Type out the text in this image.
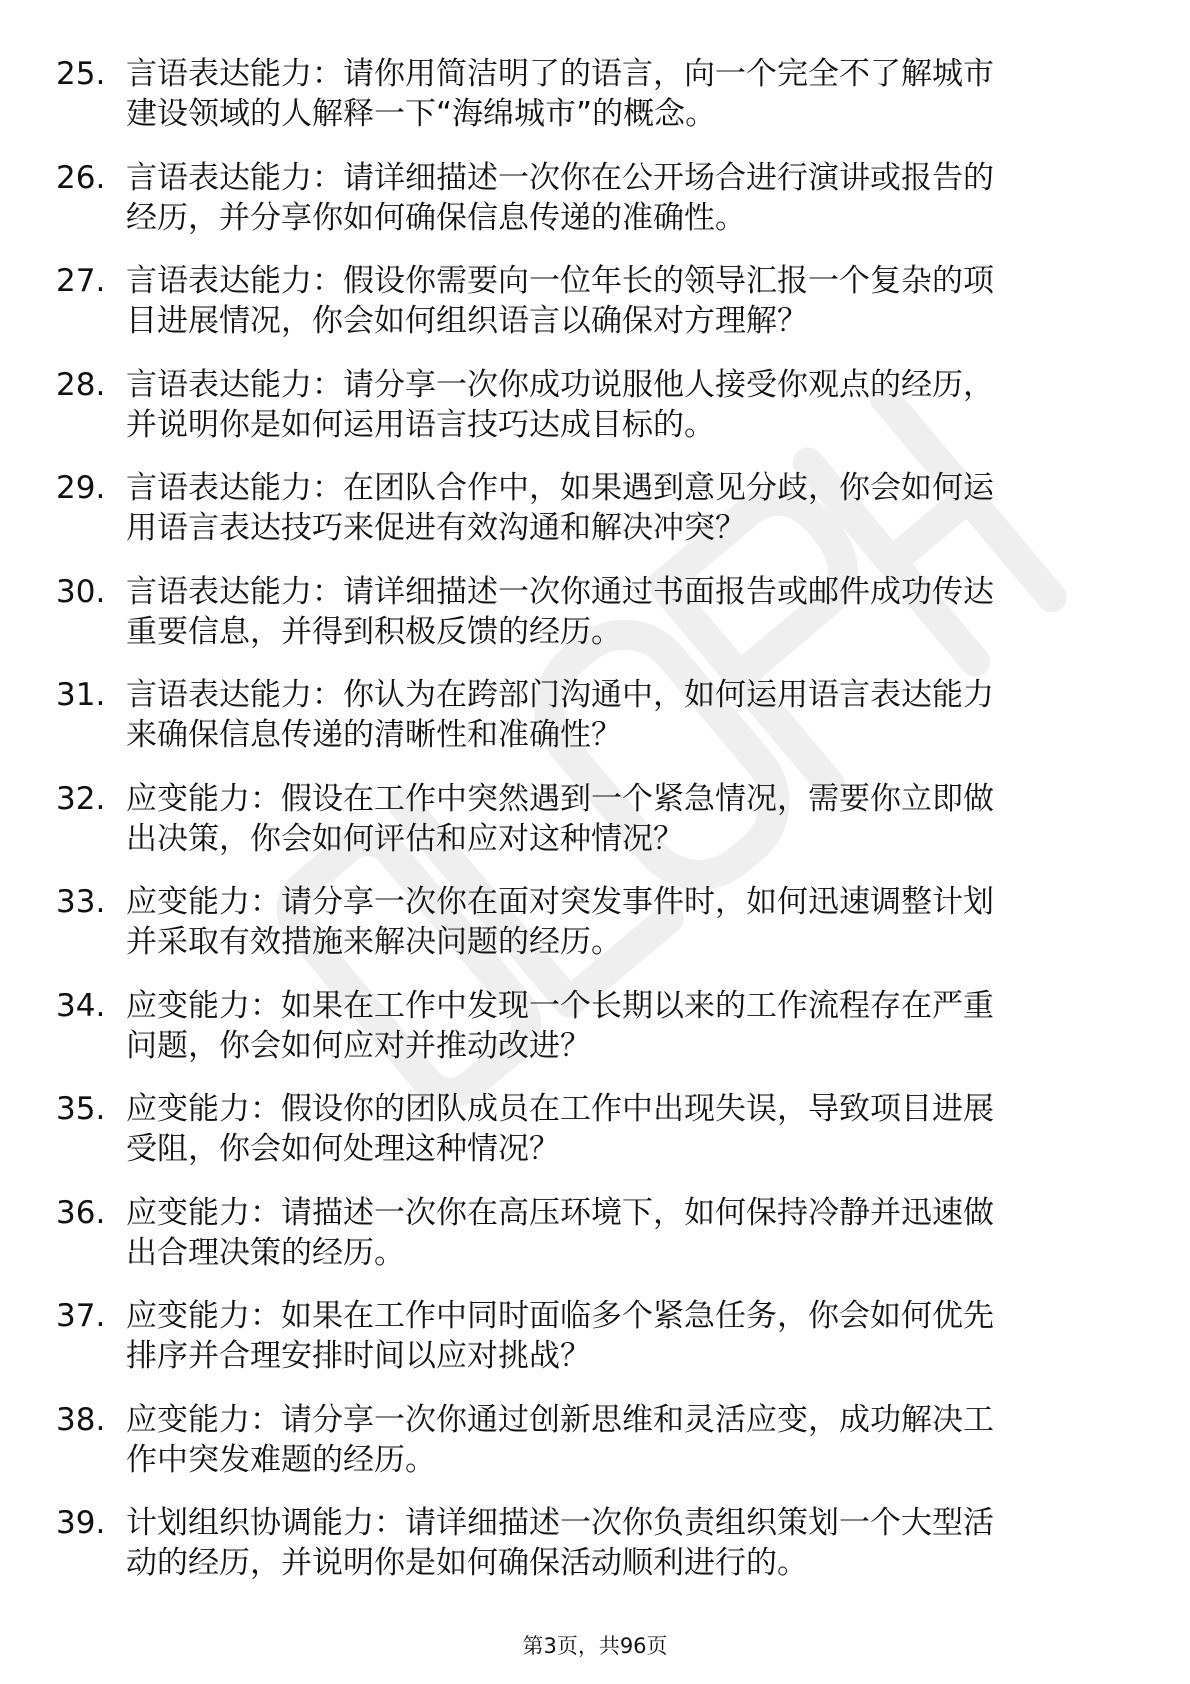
25. 言语表达能力：请你用简洁明了的语言，向一个完全不了解城市
建设领域的人解释一下“海绵城市”的概念。
26. 言语表达能力：请详细描述一次你在公开场合进行演讲或报告的
经历，并分享你如何确保信息传递的准确性。
27. 言语表达能力：假设你需要向一位年长的领导汇报一个复杂的项
目进展情况，你会如何组织语言以确保对方理解？
28. 言语表达能力：请分享一次你成功说服他人接受你观点的经历，
并说明你是如何运用语言技巧达成目标的。
29. 言语表达能力：在团队合作中，如果遇到意见分歧，你会如何运
用语言表达技巧来促进有效沟通和解决冲突？
30. 言语表达能力：请详细描述一次你通过书面报告或邮件成功传达
重要信息，并得到积极反馈的经历。
31. 言语表达能力：你认为在跨部门沟通中，如何运用语言表达能力
来确保信息传递的清晰性和准确性？
32. 应变能力：假设在工作中突然遇到一个紧急情况，需要你立即做
出决策，你会如何评估和应对这种情况？
33. 应变能力：请分享一次你在面对突发事件时，如何迅速调整计划
并采取有效措施来解决问题的经历。
34. 应变能力：如果在工作中发现一个长期以来的工作流程存在严重
问题，你会如何应对并推动改进？
35. 应变能力：假设你的团队成员在工作中出现失误，导致项目进展
受阻，你会如何处理这种情况？
36. 应变能力：请描述一次你在高压环境下，如何保持冷静并迅速做
出合理决策的经历。
37. 应变能力：如果在工作中同时面临多个紧急任务，你会如何优先
排序并合理安排时间以应对挑战？
38. 应变能力：请分享一次你通过创新思维和灵活应变，成功解决工
作中突发难题的经历。
39. 计划组织协调能力：请详细描述一次你负责组织策划一个大型活
动的经历，并说明你是如何确保活动顺利进行的。
第3页，共96页
